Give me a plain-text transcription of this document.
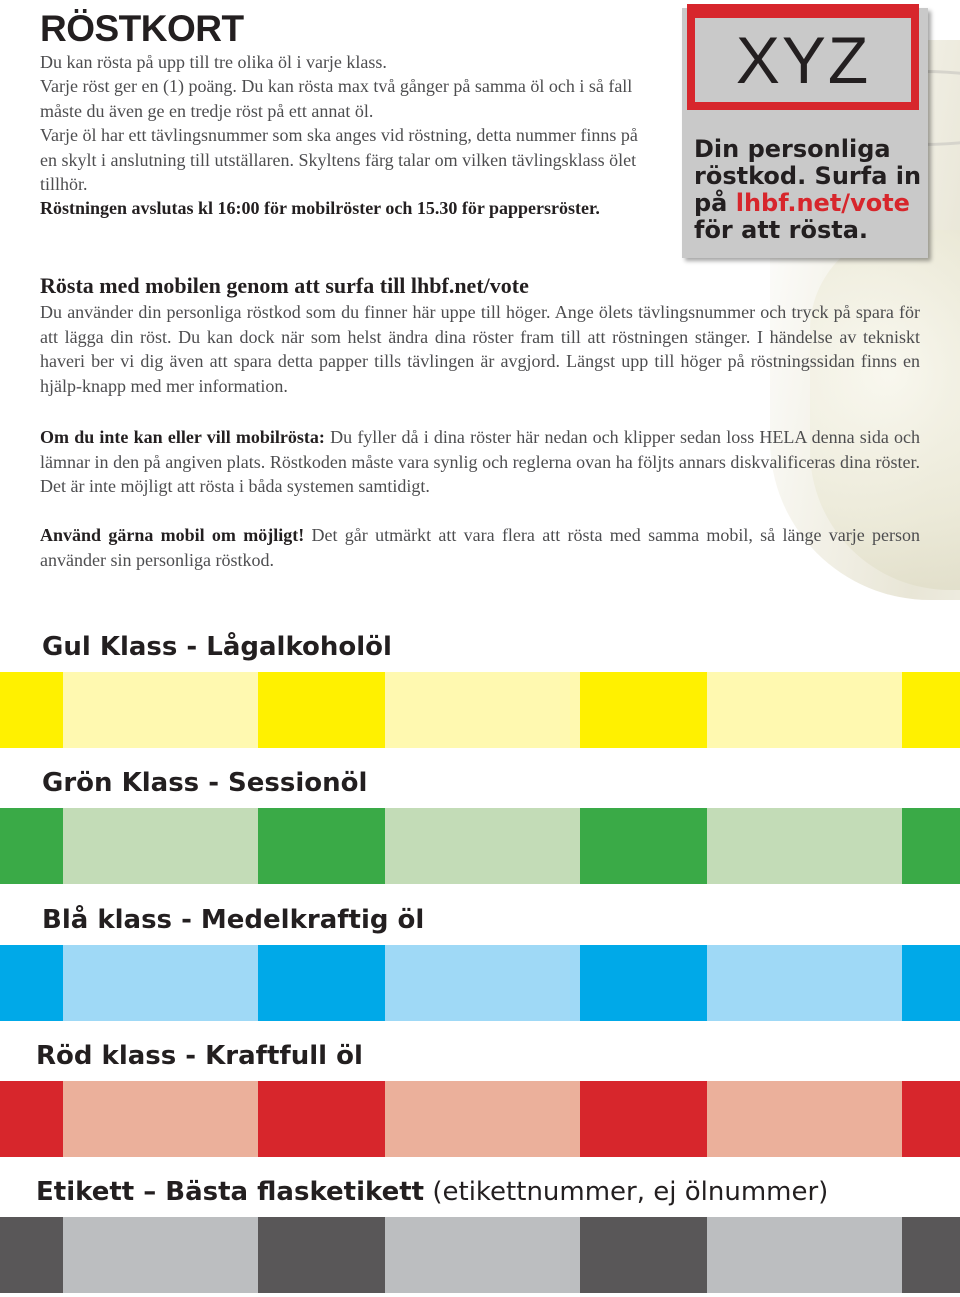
RÖSTKORT

Du kan rösta på upp till tre olika öl i varje klass.

Varje röst ger en (1) poäng. Du kan rösta max två gånger på samma öl och i så fall måste du även ge en tredje röst på ett annat öl.

Varje öl har ett tävlingsnummer som ska anges vid röstning, detta nummer finns på en skylt i anslutning till utställaren. Skyltens färg talar om vilken tävlingsklass ölet tillhör.

Röstningen avslutas kl 16:00 för mobilröster och 15.30 för pappersröster.

XYZ
Din personliga röstkod. Surfa in på lhbf.net/vote för att rösta.
Rösta med mobilen genom att surfa till lhbf.net/vote

Du använder din personliga röstkod som du finner här uppe till höger. Ange ölets tävlingsnummer och tryck på spara för att lägga din röst. Du kan dock när som helst ändra dina röster fram till att röstningen stänger. I händelse av tekniskt haveri ber vi dig även att spara detta papper tills tävlingen är avgjord. Längst upp till höger på röstningssidan finns en hjälp-knapp med mer information.

Om du inte kan eller vill mobilrösta: Du fyller då i dina röster här nedan och klipper sedan loss HELA denna sida och lämnar in den på angiven plats. Röstkoden måste vara synlig och reglerna ovan ha följts annars diskvalificeras dina röster. Det är inte möjligt att rösta i båda systemen samtidigt.

Använd gärna mobil om möjligt! Det går utmärkt att vara flera att rösta med samma mobil, så länge varje person använder sin personliga röstkod.

Gul Klass - Lågalkoholöl
Grön Klass - Sessionöl
Blå klass - Medelkraftig öl
Röd klass - Kraftfull öl
Etikett – Bästa flasketikett (etikettnummer, ej ölnummer)
